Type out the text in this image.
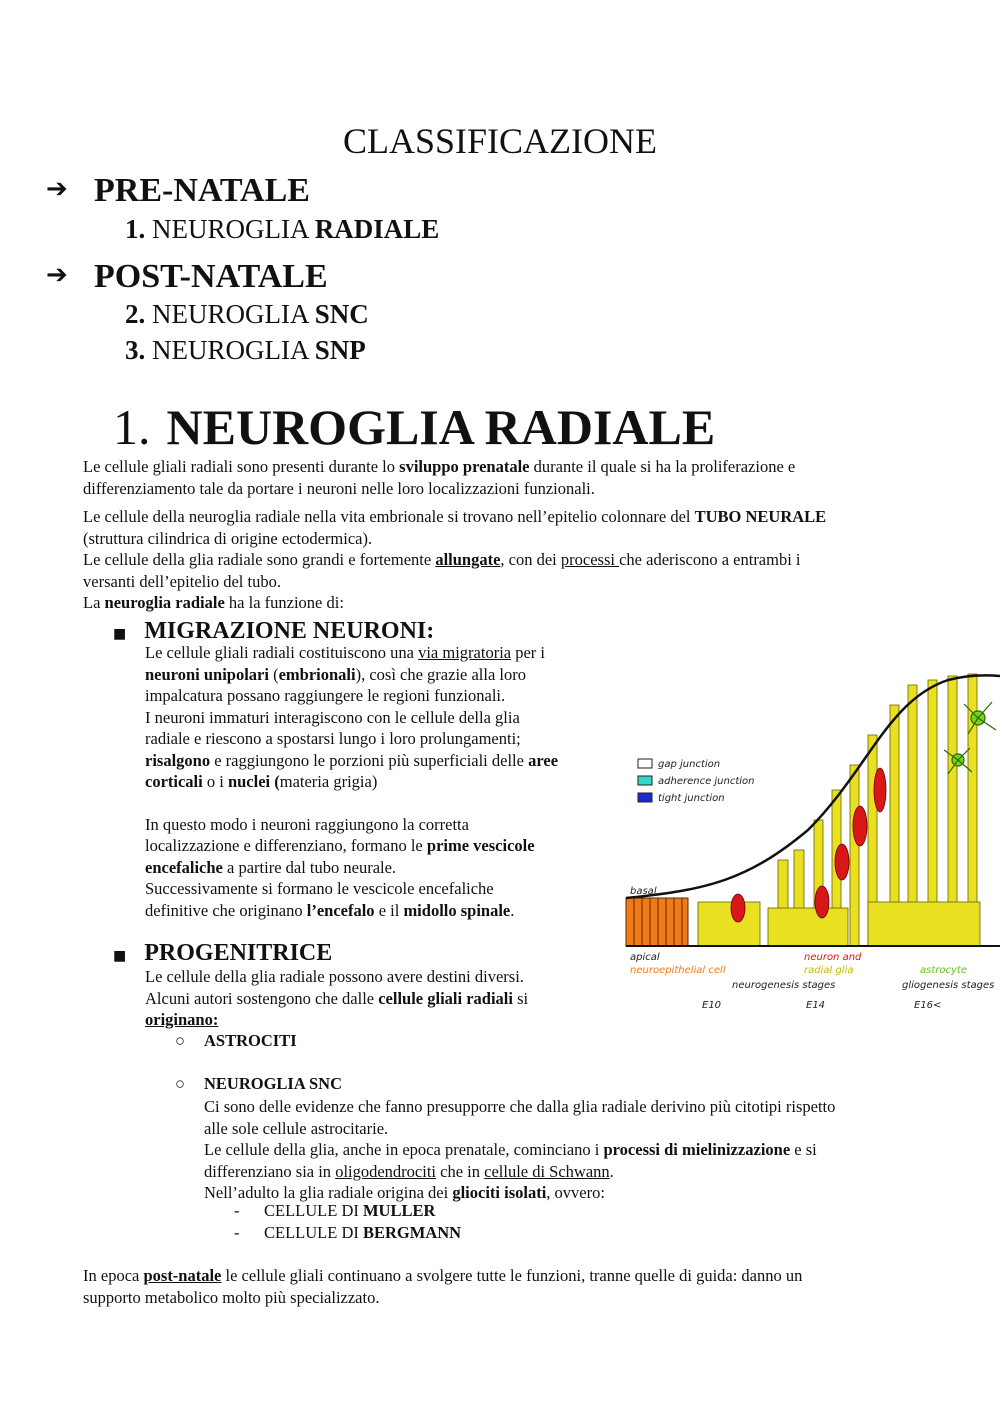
CLASSIFICAZIONE
➔ PRE-NATALE
1. NEUROGLIA RADIALE
➔ POST-NATALE
2. NEUROGLIA SNC
3. NEUROGLIA SNP
1. NEUROGLIA RADIALE
Le cellule gliali radiali sono presenti durante lo sviluppo prenatale durante il quale si ha la proliferazione e
differenziamento tale da portare i neuroni nelle loro localizzazioni funzionali.
Le cellule della neuroglia radiale nella vita embrionale si trovano nell’epitelio colonnare del TUBO NEURALE
(struttura cilindrica di origine ectodermica).
Le cellule della glia radiale sono grandi e fortemente allungate, con dei processi che aderiscono a entrambi i
versanti dell’epitelio del tubo.
La neuroglia radiale ha la funzione di:
■ MIGRAZIONE NEURONI:
Le cellule gliali radiali costituiscono una via migratoria per i
neuroni unipolari (embrionali), così che grazie alla loro
impalcatura possano raggiungere le regioni funzionali.
I neuroni immaturi interagiscono con le cellule della glia
radiale e riescono a spostarsi lungo i loro prolungamenti;
risalgono e raggiungono le porzioni più superficiali delle aree
corticali o i nuclei (materia grigia)

In questo modo i neuroni raggiungono la corretta
localizzazione e differenziano, formano le prime vescicole
encefaliche a partire dal tubo neurale.
Successivamente si formano le vescicole encefaliche
definitive che originano l’encefalo e il midollo spinale.
gap junction
adherence junction
tight junction
basal
apical
neuroepithelial cell
neuron and
radial glia	astrocyte
neurogenesis stages	gliogenesis stages
E10	E14	E16<
■ PROGENITRICE
Le cellule della glia radiale possono avere destini diversi.
Alcuni autori sostengono che dalle cellule gliali radiali si
originano:
○ ASTROCITI
○ NEUROGLIA SNC
Ci sono delle evidenze che fanno presupporre che dalla glia radiale derivino più citotipi rispetto
alle sole cellule astrocitarie.
Le cellule della glia, anche in epoca prenatale, cominciano i processi di mielinizzazione e si
differenziano sia in oligodendrociti che in cellule di Schwann.
Nell’adulto la glia radiale origina dei glіociti isolati, ovvero:
- CELLULE DI MULLER
- CELLULE DI BERGMANN
In epoca post-natale le cellule gliali continuano a svolgere tutte le funzioni, tranne quelle di guida: danno un
supporto metabolico molto più specializzato.
